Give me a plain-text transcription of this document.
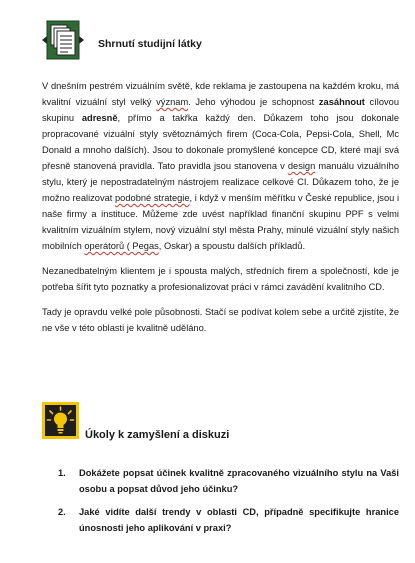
Shrnutí studijní látky

V dnešním pestrém vizuálním světě, kde reklama je zastoupena na každém kroku, má kvalitní vizuální styl velký význam. Jeho výhodou je schopnost zasáhnout cílovou skupinu adresně, přímo a takřka každý den. Důkazem toho jsou dokonale propracované vizuální styly světoznámých firem (Coca-Cola, Pepsi-Cola, Shell, Mc Donald a mnoho dalších). Jsou to dokonale promyšlené koncepce CD, které mají svá přesně stanovená pravidla. Tato pravidla jsou stanovena v design manuálu vizuálního stylu, který je nepostradatelným nástrojem realizace celkové CI. Důkazem toho, že je možno realizovat podobné strategie, i když v menším měřítku v České republice, jsou i naše firmy a instituce. Můžeme zde uvést například finanční skupinu PPF s velmi kvalitním vizuálním stylem, nový vizuální styl města Prahy, minulé vizuální styly našich mobilních operátorů ( Pegas, Oskar) a spoustu dalších příkladů.

Nezanedbatelným klientem je i spousta malých, středních firem a společností, kde je potřeba šířit tyto poznatky a profesionalizovat práci v rámci zavádění kvalitního CD.

Tady je opravdu velké pole působnosti. Stačí se podívat kolem sebe a určitě zjistíte, že ne vše v této oblasti je kvalitně uděláno.

Úkoly k zamyšlení a diskuzi
1. Dokážete popsat účinek kvalitně zpracovaného vizuálního stylu na Vaši osobu a popsat důvod jeho účinku?
2. Jaké vidíte další trendy v oblasti CD, případně specifikujte hranice únosnosti jeho aplikování v praxi?
